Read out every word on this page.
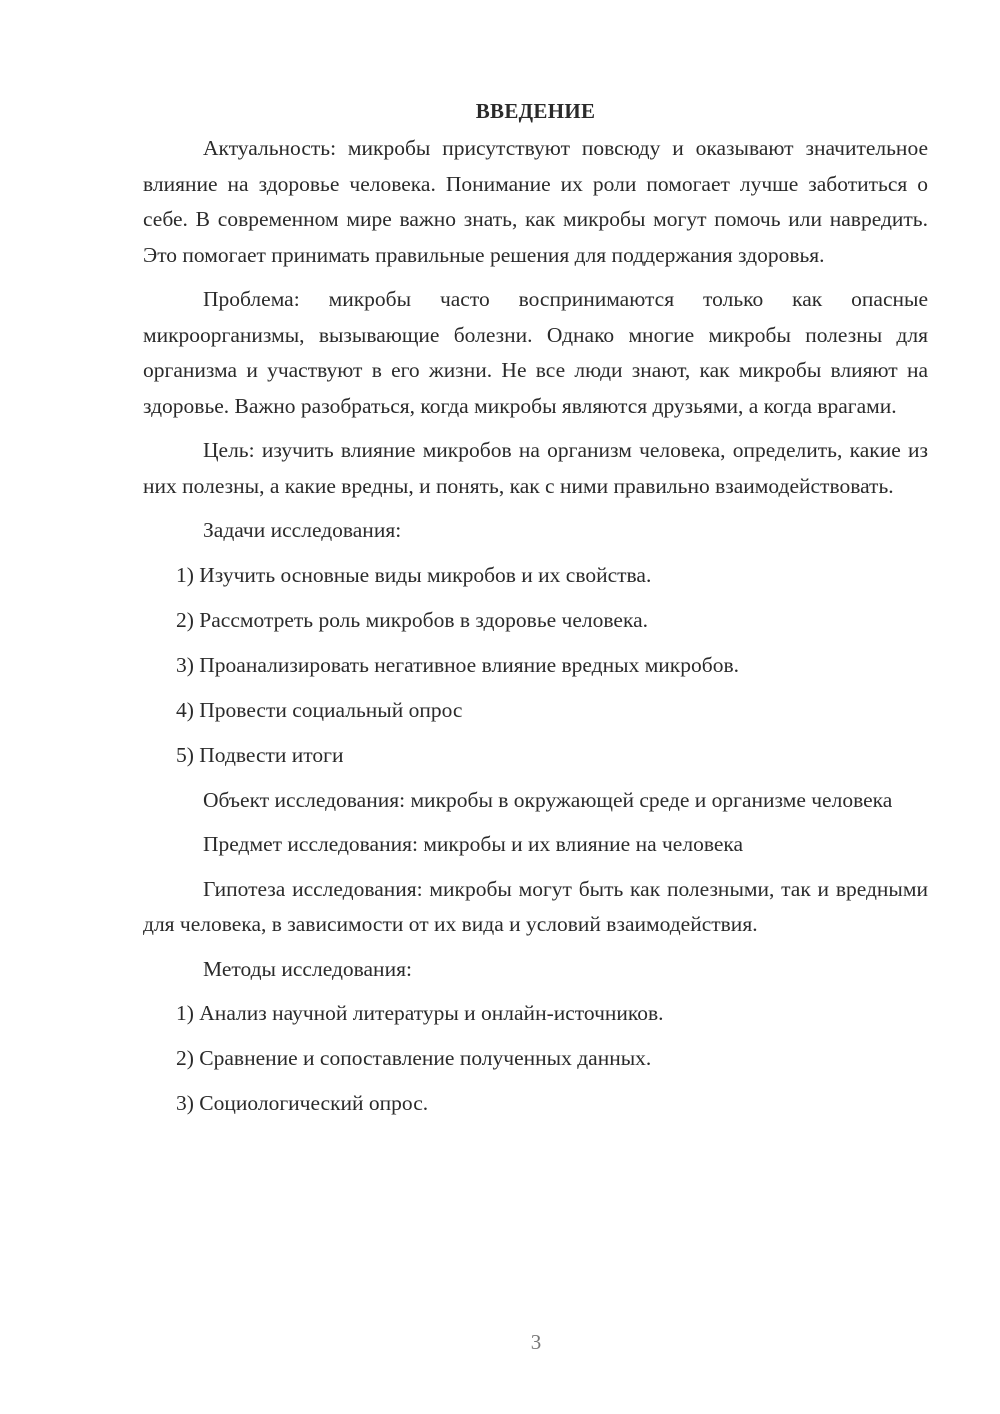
ВВЕДЕНИЕ

Актуальность: микробы присутствуют повсюду и оказывают значительное влияние на здоровье человека. Понимание их роли помогает лучше заботиться о себе. В современном мире важно знать, как микробы могут помочь или навредить. Это помогает принимать правильные решения для поддержания здоровья.

Проблема: микробы часто воспринимаются только как опасные микроорганизмы, вызывающие болезни. Однако многие микробы полезны для организма и участвуют в его жизни. Не все люди знают, как микробы влияют на здоровье. Важно разобраться, когда микробы являются друзьями, а когда врагами.

Цель: изучить влияние микробов на организм человека, определить, какие из них полезны, а какие вредны, и понять, как с ними правильно взаимодействовать.

Задачи исследования:

1) Изучить основные виды микробов и их свойства.

2) Рассмотреть роль микробов в здоровье человека.

3) Проанализировать негативное влияние вредных микробов.

4) Провести социальный опрос

5) Подвести итоги

Объект исследования: микробы в окружающей среде и организме человека

Предмет исследования: микробы и их влияние на человека

Гипотеза исследования: микробы могут быть как полезными, так и вредными для человека, в зависимости от их вида и условий взаимодействия.

Методы исследования:

1) Анализ научной литературы и онлайн-источников.

2) Сравнение и сопоставление полученных данных.

3) Социологический опрос.

3
